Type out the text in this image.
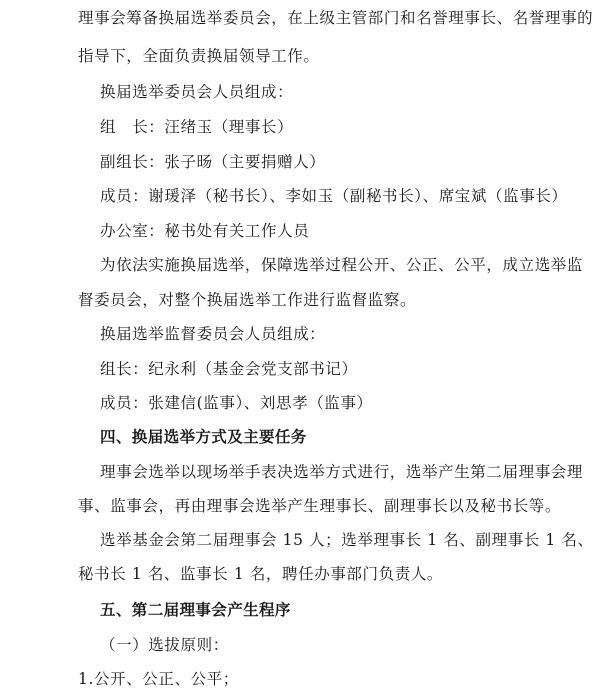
理事会筹备换届选举委员会，在上级主管部门和名誉理事长、名誉理事的
指导下，全面负责换届领导工作。
换届选举委员会人员组成：
组　长：汪绪玉（理事长）
副组长：张子旸（主要捐赠人）
成员：谢瑗泽（秘书长）、李如玉（副秘书长）、席宝斌（监事长）
办公室：秘书处有关工作人员
为依法实施换届选举，保障选举过程公开、公正、公平，成立选举监
督委员会，对整个换届选举工作进行监督监察。
换届选举监督委员会人员组成：
组长：纪永利（基金会党支部书记）
成员：张建信(监事）、刘思孝（监事）
四、换届选举方式及主要任务
理事会选举以现场举手表决选举方式进行，选举产生第二届理事会理
事、监事会，再由理事会选举产生理事长、副理事长以及秘书长等。
选举基金会第二届理事会 15 人；选举理事长 1 名、副理事长 1 名、
秘书长 1 名、监事长 1 名，聘任办事部门负责人。
五、第二届理事会产生程序
（一）选拔原则：
1.公开、公正、公平；
